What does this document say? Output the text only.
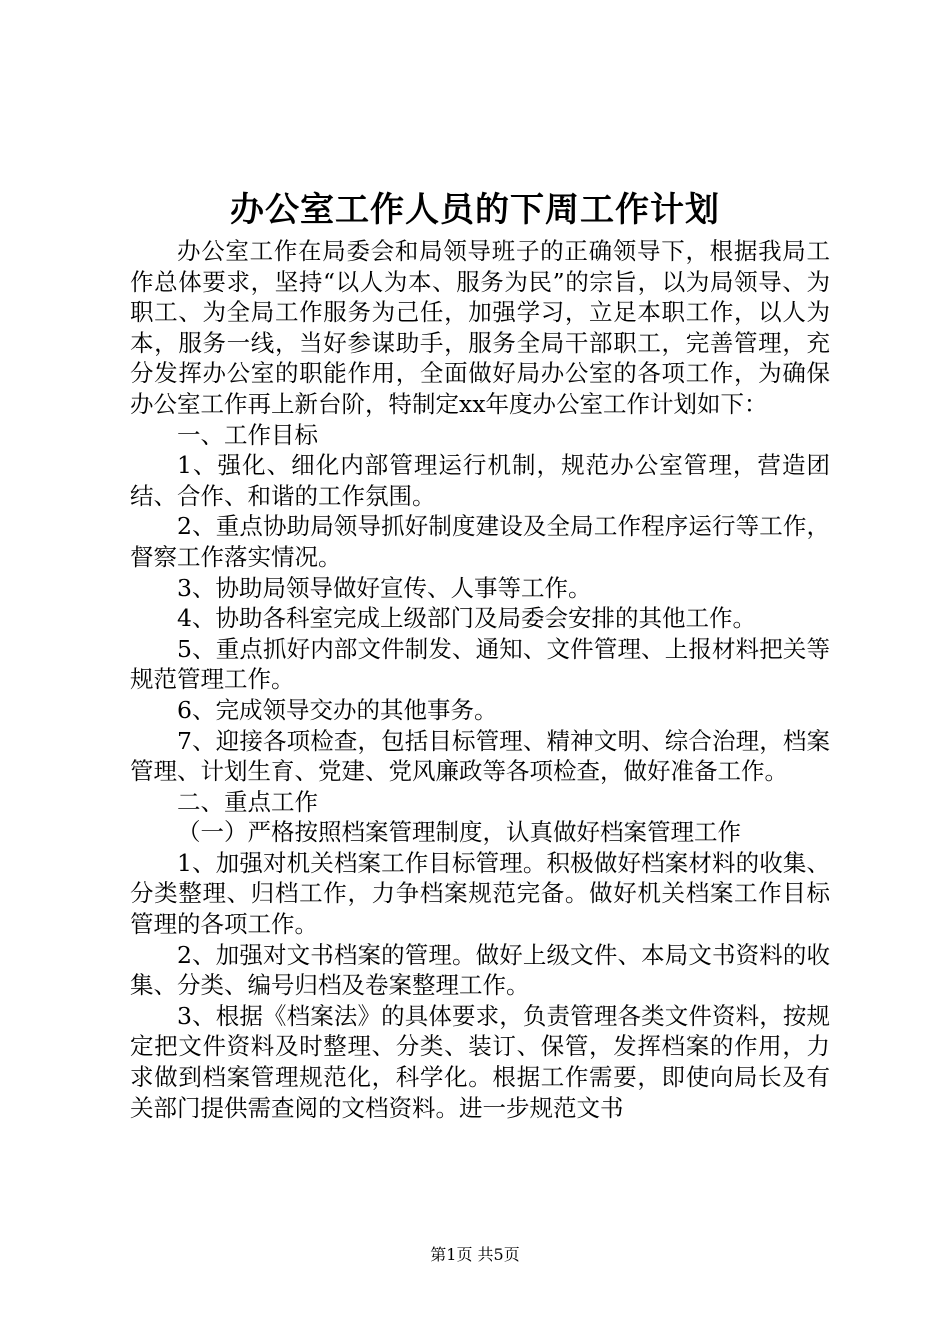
办公室工作人员的下周工作计划

办公室工作在局委会和局领导班子的正确领导下，根据我局工作总体要求，坚持“以人为本、服务为民”的宗旨，以为局领导、为职工、为全局工作服务为己任，加强学习，立足本职工作，以人为本，服务一线，当好参谋助手，服务全局干部职工，完善管理，充分发挥办公室的职能作用，全面做好局办公室的各项工作，为确保办公室工作再上新台阶，特制定xx年度办公室工作计划如下：

一、工作目标

1、强化、细化内部管理运行机制，规范办公室管理，营造团结、合作、和谐的工作氛围。

2、重点协助局领导抓好制度建设及全局工作程序运行等工作，督察工作落实情况。

3、协助局领导做好宣传、人事等工作。

4、协助各科室完成上级部门及局委会安排的其他工作。

5、重点抓好内部文件制发、通知、文件管理、上报材料把关等规范管理工作。

6、完成领导交办的其他事务。

7、迎接各项检查，包括目标管理、精神文明、综合治理，档案管理、计划生育、党建、党风廉政等各项检查，做好准备工作。

二、重点工作

（一）严格按照档案管理制度，认真做好档案管理工作

1、加强对机关档案工作目标管理。积极做好档案材料的收集、分类整理、归档工作，力争档案规范完备。做好机关档案工作目标管理的各项工作。

2、加强对文书档案的管理。做好上级文件、本局文书资料的收集、分类、编号归档及卷案整理工作。

3、根据《档案法》的具体要求，负责管理各类文件资料，按规定把文件资料及时整理、分类、装订、保管，发挥档案的作用，力求做到档案管理规范化，科学化。根据工作需要，即使向局长及有关部门提供需查阅的文档资料。进一步规范文书

第1页 共5页
